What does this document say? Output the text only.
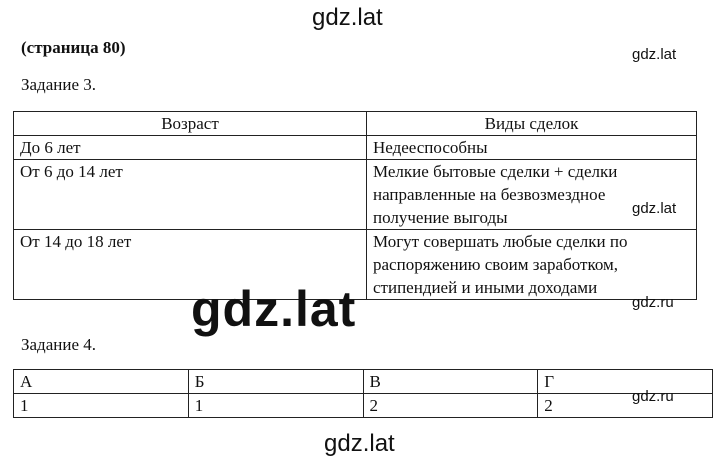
gdz.lat
gdz.lat
(страница 80)
Задание 3.
Возраст	Виды сделок
До 6 лет	Недееспособны
От 6 до 14 лет	Мелкие бытовые сделки + сделки
направленные на безвозмездное
получение выгоды
От 14 до 18 лет	Могут совершать любые сделки по
распоряжению своим заработком,
стипендией и иными доходами
gdz.lat
gdz.lat	gdz.ru
Задание 4.
А	Б	В	Г
1	1	2	2	gdz.ru
gdz.lat
